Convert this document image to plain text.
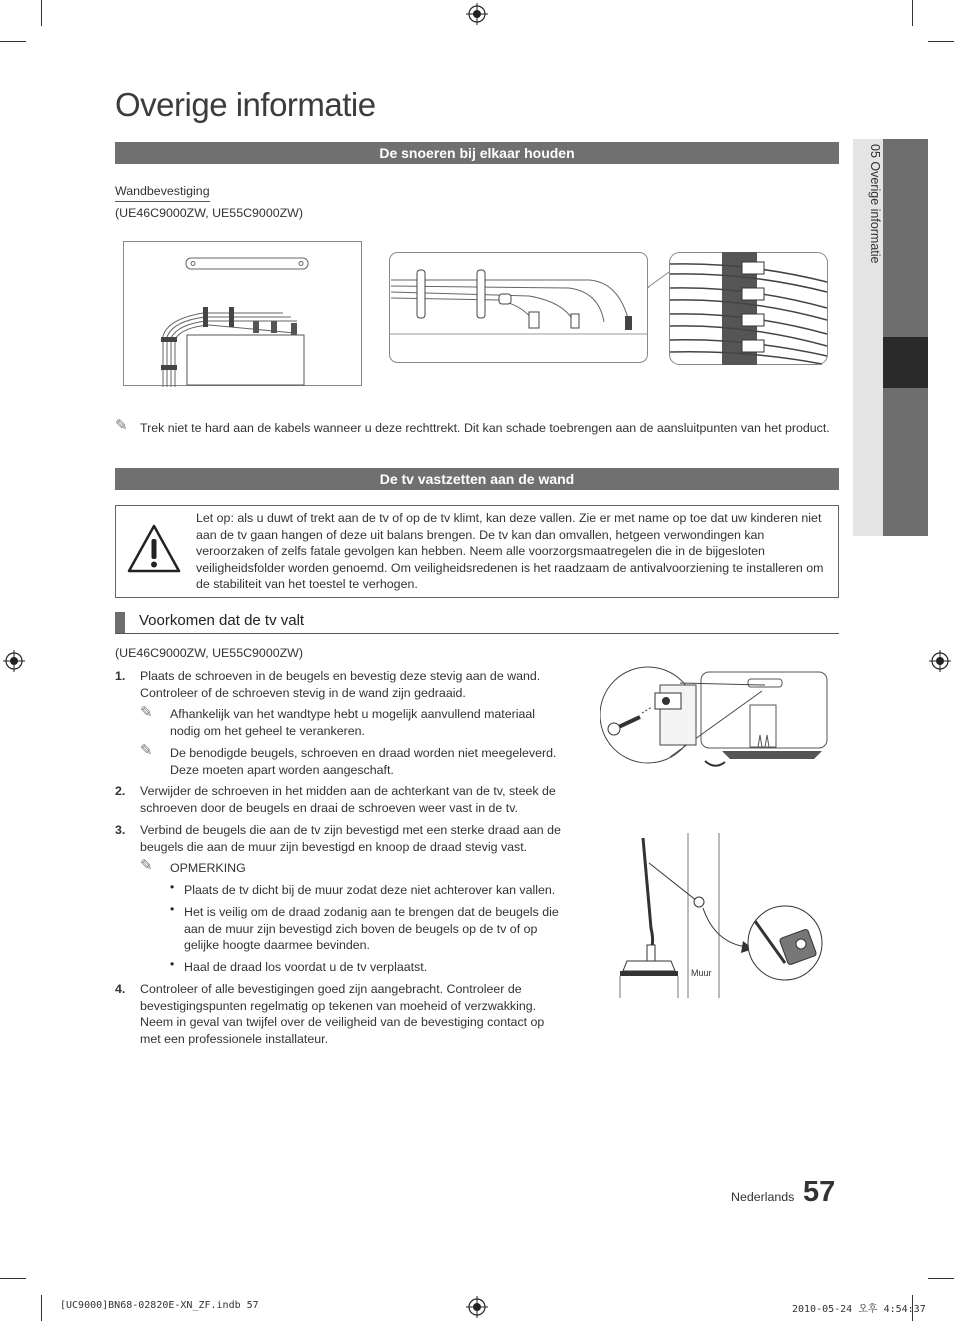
Overige informatie
05 Overige informatie
De snoeren bij elkaar houden
Wandbevestiging
(UE46C9000ZW, UE55C9000ZW)
✎ Trek niet te hard aan de kabels wanneer u deze rechttrekt. Dit kan schade toebrengen aan de aansluitpunten van het product.
De tv vastzetten aan de wand
Let op: als u duwt of trekt aan de tv of op de tv klimt, kan deze vallen. Zie er met name op toe dat uw kinderen niet aan de tv gaan hangen of deze uit balans brengen. De tv kan dan omvallen, hetgeen verwondingen kan veroorzaken of zelfs fatale gevolgen kan hebben. Neem alle voorzorgsmaatregelen die in de bijgesloten veiligheidsfolder worden genoemd. Om veiligheidsredenen is het raadzaam de antivalvoorziening te installeren om de stabiliteit van het toestel te verhogen.
Voorkomen dat de tv valt
(UE46C9000ZW, UE55C9000ZW)
1. Plaats de schroeven in de beugels en bevestig deze stevig aan de wand. Controleer of de schroeven stevig in de wand zijn gedraaid.
✎ Afhankelijk van het wandtype hebt u mogelijk aanvullend materiaal nodig om het geheel te verankeren.
✎ De benodigde beugels, schroeven en draad worden niet meegeleverd. Deze moeten apart worden aangeschaft.
2. Verwijder de schroeven in het midden aan de achterkant van de tv, steek de schroeven door de beugels en draai de schroeven weer vast in de tv.
3. Verbind de beugels die aan de tv zijn bevestigd met een sterke draad aan de beugels die aan de muur zijn bevestigd en knoop de draad stevig vast.
✎ OPMERKING
• Plaats de tv dicht bij de muur zodat deze niet achterover kan vallen.
• Het is veilig om de draad zodanig aan te brengen dat de beugels die aan de muur zijn bevestigd zich boven de beugels op de tv of op gelijke hoogte daarmee bevinden.
• Haal de draad los voordat u de tv verplaatst.
4. Controleer of alle bevestigingen goed zijn aangebracht. Controleer de bevestigingspunten regelmatig op tekenen van moeheid of verzwakking. Neem in geval van twijfel over de veiligheid van de bevestiging contact op met een professionele installateur.
Muur
Nederlands 57
[UC9000]BN68-02820E-XN_ZF.indb 57	2010-05-24 오후 4:54:37
